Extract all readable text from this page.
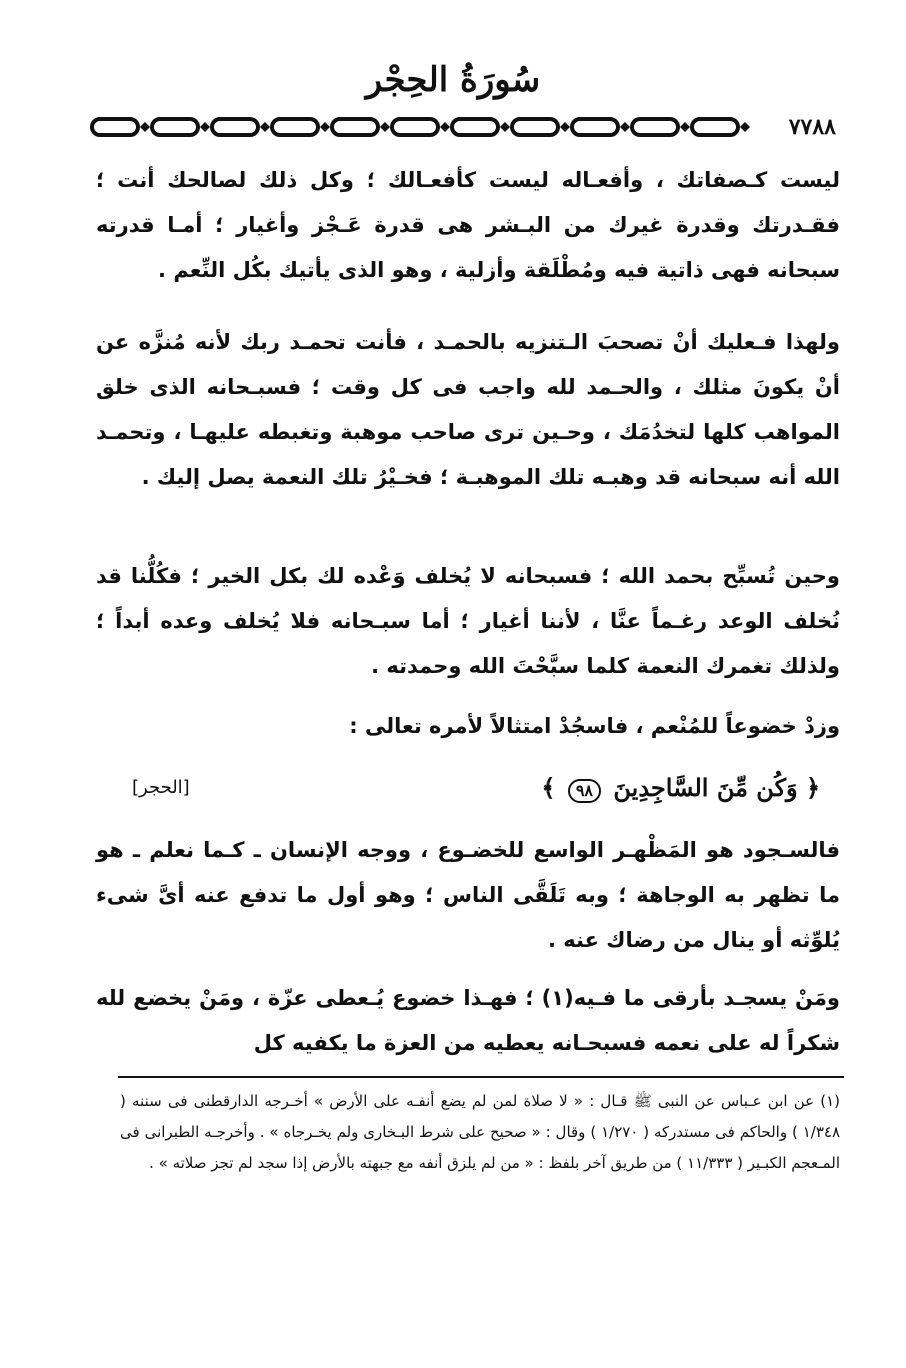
سُورَةُ الحِجْر
٧٧٨٨

ليست كـصفاتك ، وأفعـاله ليست كأفعـالك ؛ وكل ذلك لصالحك أنت ؛ فقـدرتك وقدرة غيرك من البـشر هى قدرة عَـجْز وأغيار ؛ أمـا قدرته سبحانه فهى ذاتية فيه ومُطْلَقة وأزلية ، وهو الذى يأتيك بكُل النِّعم .

ولهذا فـعليك أنْ تصحبَ الـتنزيه بالحمـد ، فأنت تحمـد ربك لأنه مُنزَّه عن أنْ يكونَ مثلك ، والحـمد لله واجب فى كل وقت ؛ فسبـحانه الذى خلق المواهب كلها لتخدُمَك ، وحـين ترى صاحب موهبة وتغبطه عليهـا ، وتحمـد الله أنه سبحانه قد وهبـه تلك الموهبـة ؛ فخـيْرُ تلك النعمة يصل إليك .

وحين تُسبِّح بحمد الله ؛ فسبحانه لا يُخلف وَعْده لك بكل الخير ؛ فكُلُّنا قد نُخلف الوعد رغـماً عنَّا ، لأننا أغيار ؛ أما سبـحانه فلا يُخلف وعده أبداً ؛ ولذلك تغمرك النعمة كلما سبَّحْتَ الله وحمدته .

وزدْ خضوعاً للمُنْعم ، فاسجُدْ امتثالاً لأمره تعالى :

﴿ وَكُن مِّنَ السَّاجِدِينَ ٩٨ ﴾
[الحجر]

فالسـجود هو المَظْهـر الواسع للخضـوع ، ووجه الإنسان ـ كـما نعلم ـ هو ما تظهر به الوجاهة ؛ وبه تَلَقَّى الناس ؛ وهو أول ما تدفع عنه أىَّ شىء يُلوِّثه أو ينال من رضاك عنه .

ومَنْ يسجـد بأرقى ما فـيه(١) ؛ فهـذا خضوع يُـعطى عزّة ، ومَنْ يخضع لله شكراً له على نعمه فسبحـانه يعطيه من العزة ما يكفيه كل

(١) عن ابن عـباس عن النبى ﷺ قـال : « لا صلاة لمن لم يضع أنفـه على الأرض » أخـرجه الدارقطنى فى سننه ( ١/٣٤٨ ) والحاكم فى مستدركه ( ١/٢٧٠ ) وقال : « صحيح على شرط البـخارى ولم يخـرجاه » . وأخرجـه الطبرانى فى المـعجم الكبـير ( ١١/٣٣٣ ) من طريق آخر بلفظ : « من لم يلزق أنفه مع جبهته بالأرض إذا سجد لم تجز صلاته » .
